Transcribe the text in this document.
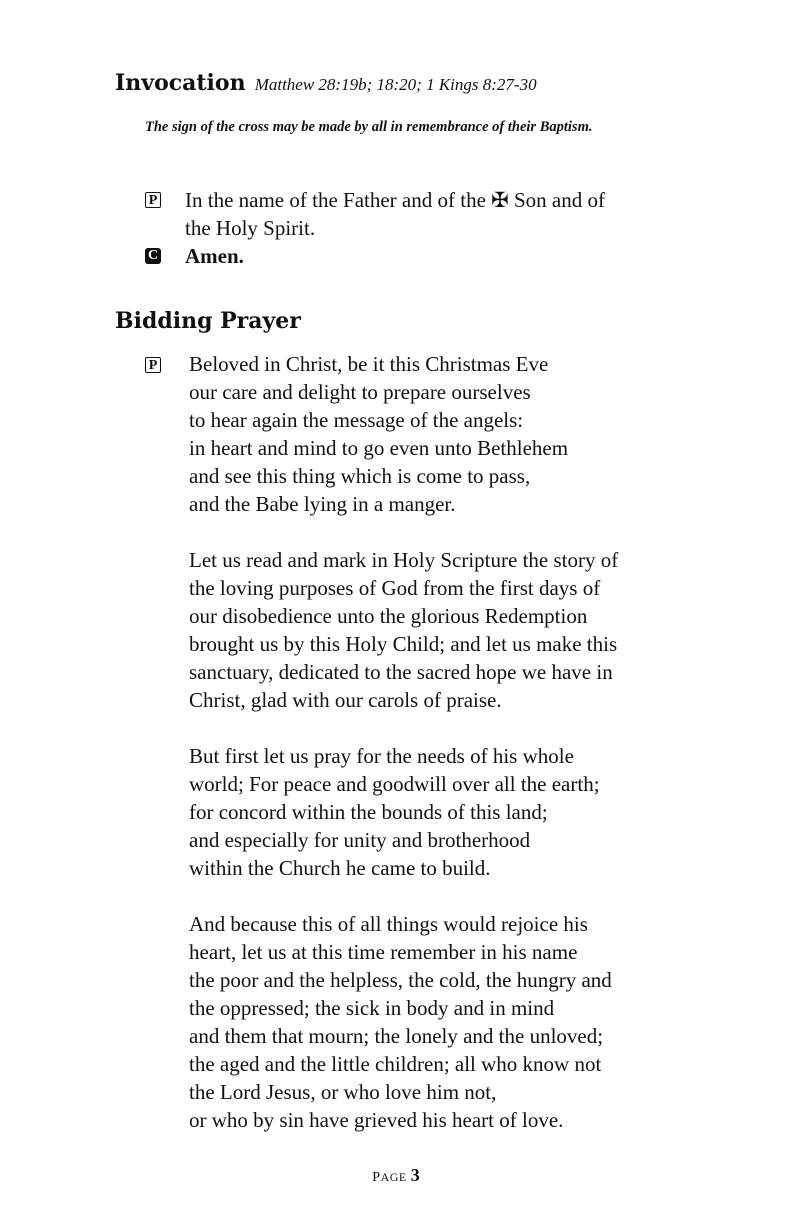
Invocation Matthew 28:19b; 18:20; 1 Kings 8:27-30
The sign of the cross may be made by all in remembrance of their Baptism.
P In the name of the Father and of the ✠ Son and of
the Holy Spirit.
C Amen.
Bidding Prayer
P Beloved in Christ, be it this Christmas Eve
our care and delight to prepare ourselves
to hear again the message of the angels:
in heart and mind to go even unto Bethlehem
and see this thing which is come to pass,
and the Babe lying in a manger.
Let us read and mark in Holy Scripture the story of
the loving purposes of God from the first days of
our disobedience unto the glorious Redemption
brought us by this Holy Child; and let us make this
sanctuary, dedicated to the sacred hope we have in
Christ, glad with our carols of praise.
But first let us pray for the needs of his whole
world; For peace and goodwill over all the earth;
for concord within the bounds of this land;
and especially for unity and brotherhood
within the Church he came to build.
And because this of all things would rejoice his
heart, let us at this time remember in his name
the poor and the helpless, the cold, the hungry and
the oppressed; the sick in body and in mind
and them that mourn; the lonely and the unloved;
the aged and the little children; all who know not
the Lord Jesus, or who love him not,
or who by sin have grieved his heart of love.
PAGE 3
